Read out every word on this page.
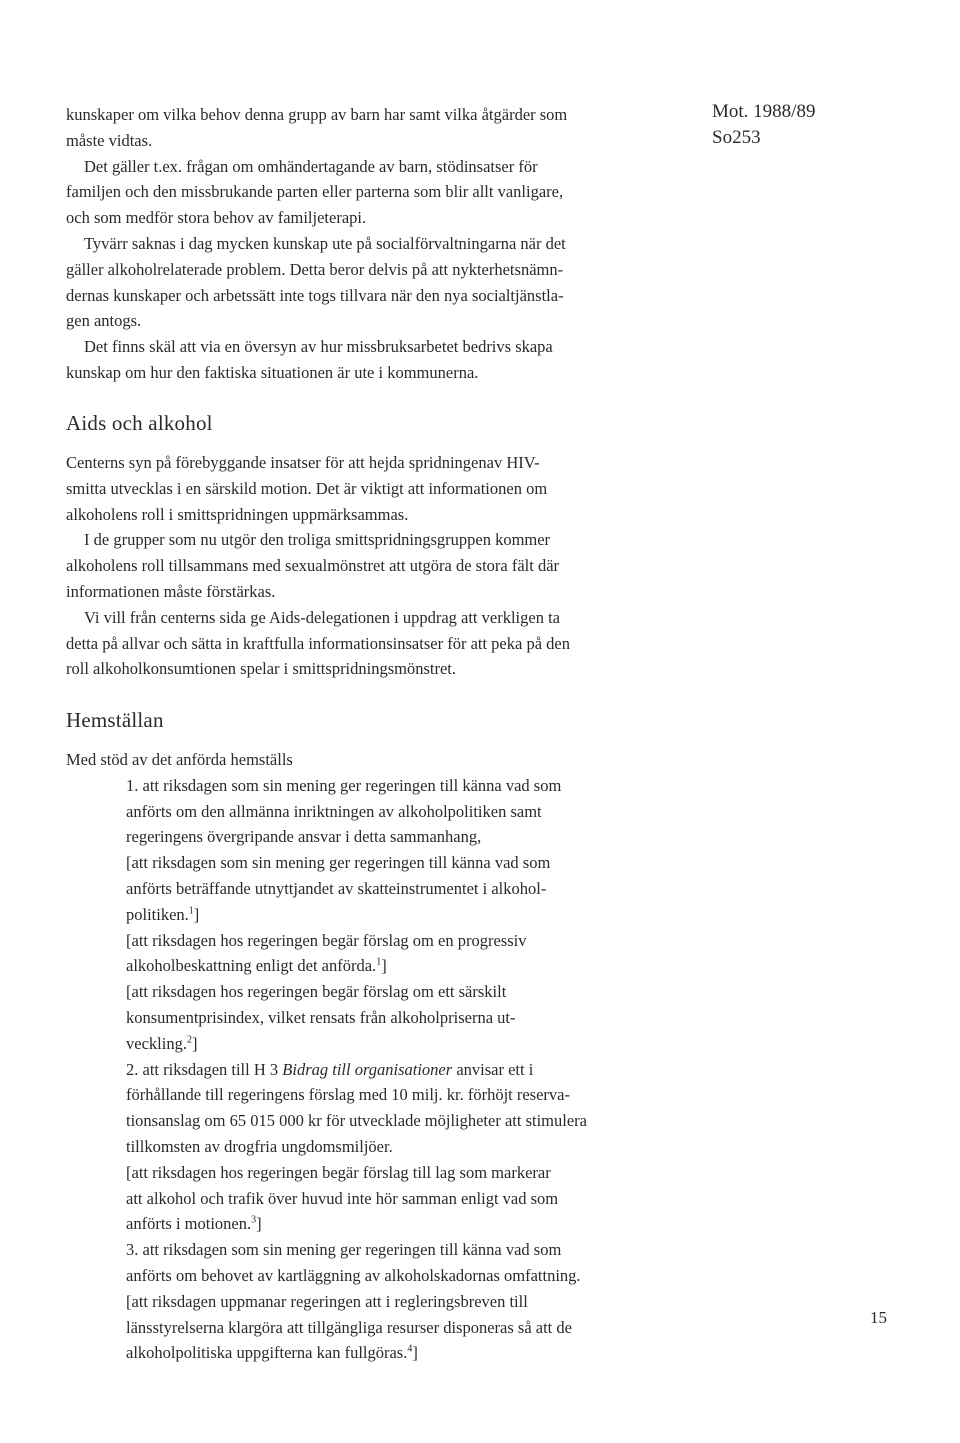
Mot. 1988/89
So253
kunskaper om vilka behov denna grupp av barn har samt vilka åtgärder som
måste vidtas.
Det gäller t.ex. frågan om omhändertagande av barn, stödinsatser för
familjen och den missbrukande parten eller parterna som blir allt vanligare,
och som medför stora behov av familjeterapi.
Tyvärr saknas i dag mycken kunskap ute på socialförvaltningarna när det
gäller alkoholrelaterade problem. Detta beror delvis på att nykterhetsnämn-
dernas kunskaper och arbetssätt inte togs tillvara när den nya socialtjänstla-
gen antogs.
Det finns skäl att via en översyn av hur missbruksarbetet bedrivs skapa
kunskap om hur den faktiska situationen är ute i kommunerna.
Aids och alkohol
Centerns syn på förebyggande insatser för att hejda spridningenav HIV-
smitta utvecklas i en särskild motion. Det är viktigt att informationen om
alkoholens roll i smittspridningen uppmärksammas.
I de grupper som nu utgör den troliga smittspridningsgruppen kommer
alkoholens roll tillsammans med sexualmönstret att utgöra de stora fält där
informationen måste förstärkas.
Vi vill från centerns sida ge Aids-delegationen i uppdrag att verkligen ta
detta på allvar och sätta in kraftfulla informationsinsatser för att peka på den
roll alkoholkonsumtionen spelar i smittspridningsmönstret.
Hemställan
Med stöd av det anförda hemställs
1. att riksdagen som sin mening ger regeringen till känna vad som
anförts om den allmänna inriktningen av alkoholpolitiken samt
regeringens övergripande ansvar i detta sammanhang,
[att riksdagen som sin mening ger regeringen till känna vad som
anförts beträffande utnyttjandet av skatteinstrumentet i alkohol-
politiken.$^1$]
[att riksdagen hos regeringen begär förslag om en progressiv
alkoholbeskattning enligt det anförda.$^1$]
[att riksdagen hos regeringen begär förslag om ett särskilt
konsumentprisindex, vilket rensats från alkoholpriserna ut-
veckling.$^2$]
2. att riksdagen till H 3 Bidrag till organisationer anvisar ett i
förhållande till regeringens förslag med 10 milj. kr. förhöjt reserva-
tionsanslag om 65 015 000 kr för utvecklade möjligheter att stimulera
tillkomsten av drogfria ungdomsmiljöer.
[att riksdagen hos regeringen begär förslag till lag som markerar
att alkohol och trafik över huvud inte hör samman enligt vad som
anförts i motionen.$^3$]
3. att riksdagen som sin mening ger regeringen till känna vad som
anförts om behovet av kartläggning av alkoholskadornas omfattning.
[att riksdagen uppmanar regeringen att i regleringsbreven till
länsstyrelserna klargöra att tillgängliga resurser disponeras så att de
alkoholpolitiska uppgifterna kan fullgöras.$^4$]
15
